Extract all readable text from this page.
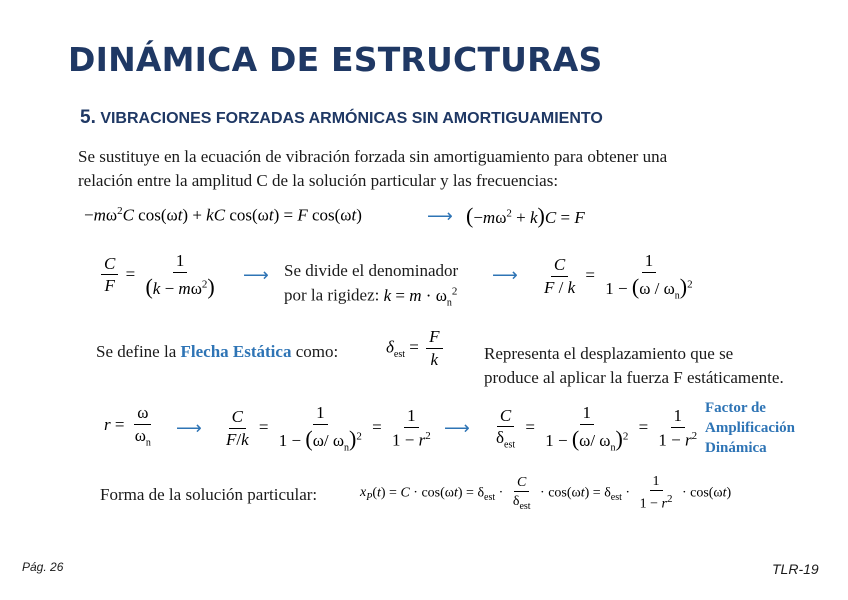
DINÁMICA DE ESTRUCTURAS
5. VIBRACIONES FORZADAS ARMÓNICAS SIN AMORTIGUAMIENTO
Se sustituye en la ecuación de vibración forzada sin amortiguamiento para obtener una
relación entre la amplitud C de la solución particular y las frecuencias:
$-m\omega^2C$ cos(ωt) + kC cos(ωt) = F cos(ωt)	⟶ $(-m\omega^2 + k)C = F$
$\frac{C}{F} = \frac{1}{(k - m\omega^2)}$ ⟶ Se divide el denominador
por la rigidez: $k = m \cdot \omega_n^2$
⟶ $\frac{C}{F / k} = \frac{1}{1 - (\omega / \omega_n)^2}$
Se define la Flecha Estática como:	$\delta_{est} = \frac{F}{k}$ Representa el desplazamiento que se
produce al aplicar la fuerza F estáticamente.
$r = \frac{\omega}{\omega_n}$ ⟶ $\frac{C}{F/k} = \frac{1}{1 - (\omega/ \omega_n)^2} = \frac{1}{1 - r^2}$ ⟶ $\frac{C}{\delta_{est}} = \frac{1}{1 - (\omega/ \omega_n)^2} = \frac{1}{1 - r^2}$ Factor de
Amplificación
Dinámica
Forma de la solución particular:	$x_P(t) = C \cdot \cos(\omega t) = \delta_{est} \cdot \frac{C}{\delta_{est}} \cdot \cos(\omega t) = \delta_{est} \cdot \frac{1}{1 - r^2} \cdot \cos(\omega t)$
Pág. 26	TLR-19
